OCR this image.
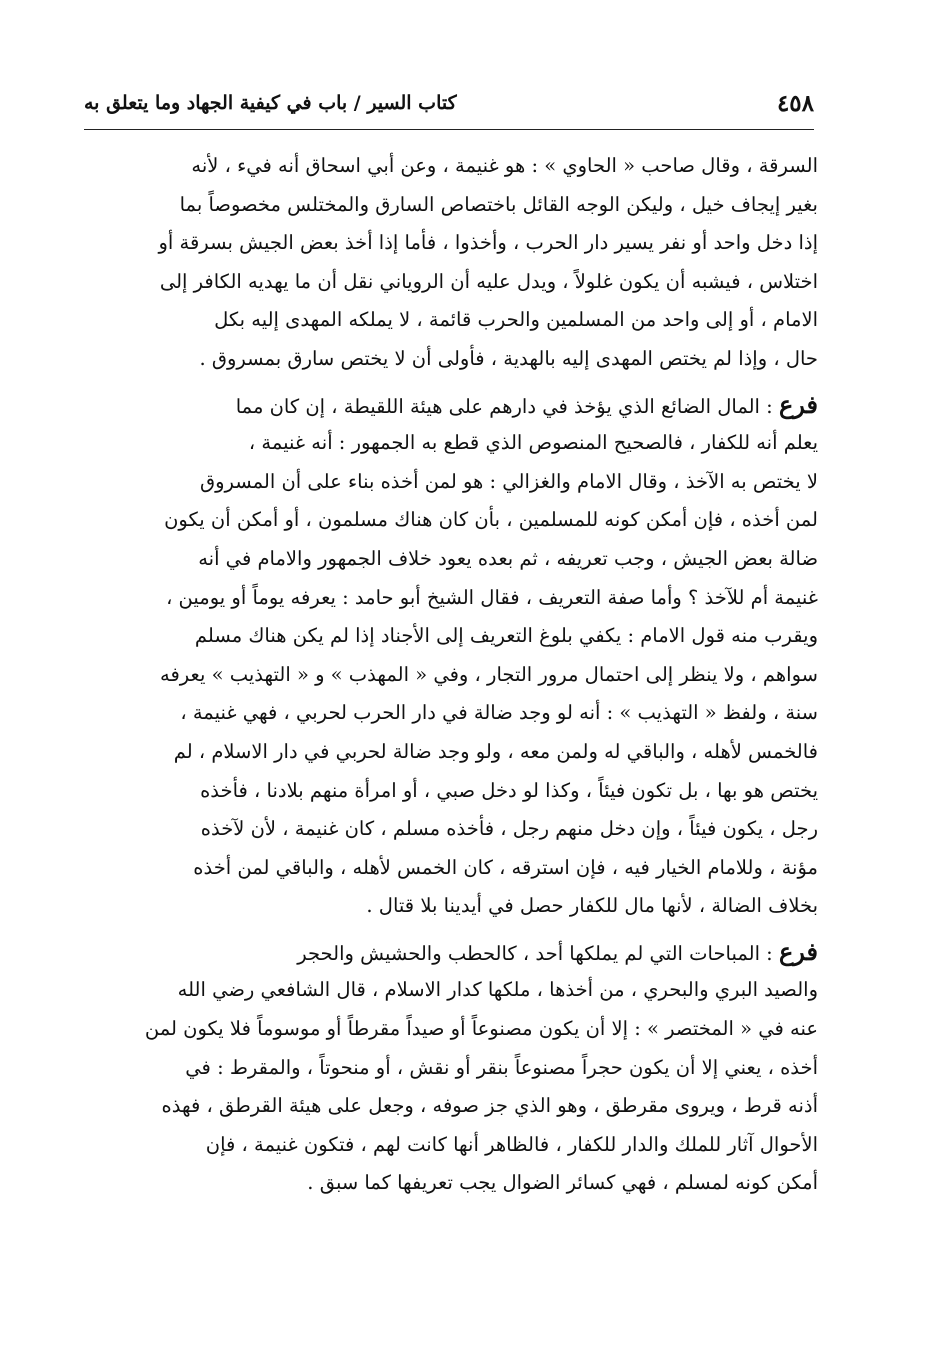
٤٥٨
كتاب السير / باب في كيفية الجهاد وما يتعلق به
السرقة ، وقال صاحب « الحاوي » : هو غنيمة ، وعن أبي اسحاق أنه فيء ، لأنه
بغير إيجاف خيل ، وليكن الوجه القائل باختصاص السارق والمختلس مخصوصاً بما
إذا دخل واحد أو نفر يسير دار الحرب ، وأخذوا ، فأما إذا أخذ بعض الجيش بسرقة أو
اختلاس ، فيشبه أن يكون غلولاً ، ويدل عليه أن الروياني نقل أن ما يهديه الكافر إلى
الامام ، أو إلى واحد من المسلمين والحرب قائمة ، لا يملكه المهدى إليه بكل
حال ، وإذا لم يختص المهدى إليه بالهدية ، فأولى أن لا يختص سارق بمسروق .
فرع : المال الضائع الذي يؤخذ في دارهم على هيئة اللقيطة ، إن كان مما
يعلم أنه للكفار ، فالصحيح المنصوص الذي قطع به الجمهور : أنه غنيمة ،
لا يختص به الآخذ ، وقال الامام والغزالي : هو لمن أخذه بناء على أن المسروق
لمن أخذه ، فإن أمكن كونه للمسلمين ، بأن كان هناك مسلمون ، أو أمكن أن يكون
ضالة بعض الجيش ، وجب تعريفه ، ثم بعده يعود خلاف الجمهور والامام في أنه
غنيمة أم للآخذ ؟ وأما صفة التعريف ، فقال الشيخ أبو حامد : يعرفه يوماً أو يومين ،
ويقرب منه قول الامام : يكفي بلوغ التعريف إلى الأجناد إذا لم يكن هناك مسلم
سواهم ، ولا ينظر إلى احتمال مرور التجار ، وفي « المهذب » و « التهذيب » يعرفه
سنة ، ولفظ « التهذيب » : أنه لو وجد ضالة في دار الحرب لحربي ، فهي غنيمة ،
فالخمس لأهله ، والباقي له ولمن معه ، ولو وجد ضالة لحربي في دار الاسلام ، لم
يختص هو بها ، بل تكون فيئاً ، وكذا لو دخل صبي ، أو امرأة منهم بلادنا ، فأخذه
رجل ، يكون فيئاً ، وإن دخل منهم رجل ، فأخذه مسلم ، كان غنيمة ، لأن لآخذه
مؤنة ، وللامام الخيار فيه ، فإن استرقه ، كان الخمس لأهله ، والباقي لمن أخذه
بخلاف الضالة ، لأنها مال للكفار حصل في أيدينا بلا قتال .
فرع : المباحات التي لم يملكها أحد ، كالحطب والحشيش والحجر
والصيد البري والبحري ، من أخذها ، ملكها كدار الاسلام ، قال الشافعي رضي الله
عنه في « المختصر » : إلا أن يكون مصنوعاً أو صيداً مقرطاً أو موسوماً فلا يكون لمن
أخذه ، يعني إلا أن يكون حجراً مصنوعاً بنقر أو نقش ، أو منحوتاً ، والمقرط : في
أذنه قرط ، ويروى مقرطق ، وهو الذي جز صوفه ، وجعل على هيئة القرطق ، فهذه
الأحوال آثار للملك والدار للكفار ، فالظاهر أنها كانت لهم ، فتكون غنيمة ، فإن
أمكن كونه لمسلم ، فهي كسائر الضوال يجب تعريفها كما سبق .
